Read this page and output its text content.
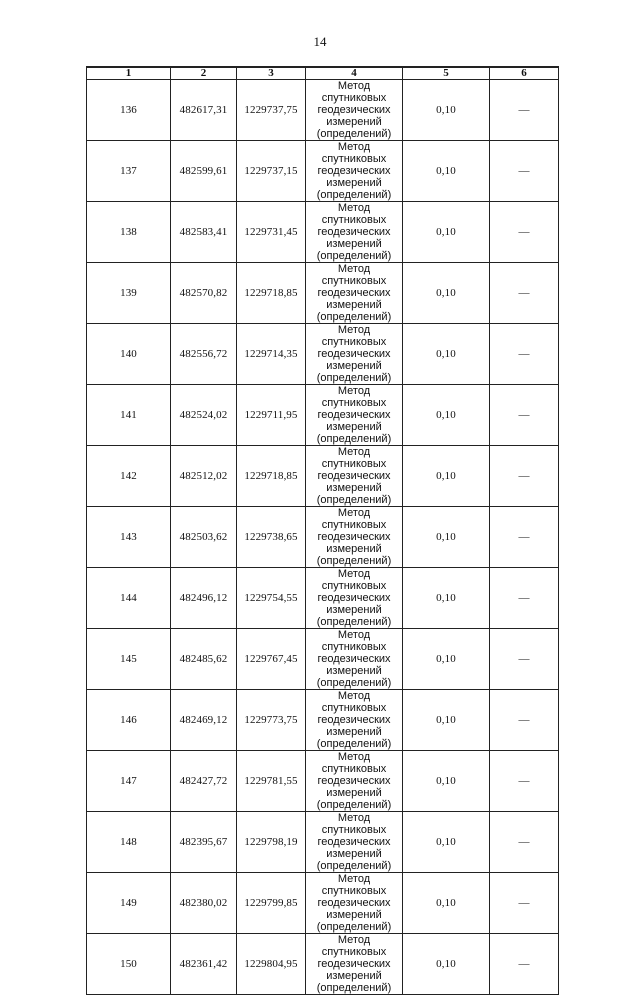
14
1	2	3	4	5	6
136	482617,31	1229737,75	Метод спутниковых
геодезических
измерений
(определений)	0,10	—
137	482599,61	1229737,15	Метод спутниковых
геодезических
измерений
(определений)	0,10	—
138	482583,41	1229731,45	Метод спутниковых
геодезических
измерений
(определений)	0,10	—
139	482570,82	1229718,85	Метод спутниковых
геодезических
измерений
(определений)	0,10	—
140	482556,72	1229714,35	Метод спутниковых
геодезических
измерений
(определений)	0,10	—
141	482524,02	1229711,95	Метод спутниковых
геодезических
измерений
(определений)	0,10	—
142	482512,02	1229718,85	Метод спутниковых
геодезических
измерений
(определений)	0,10	—
143	482503,62	1229738,65	Метод спутниковых
геодезических
измерений
(определений)	0,10	—
144	482496,12	1229754,55	Метод спутниковых
геодезических
измерений
(определений)	0,10	—
145	482485,62	1229767,45	Метод спутниковых
геодезических
измерений
(определений)	0,10	—
146	482469,12	1229773,75	Метод спутниковых
геодезических
измерений
(определений)	0,10	—
147	482427,72	1229781,55	Метод спутниковых
геодезических
измерений
(определений)	0,10	—
148	482395,67	1229798,19	Метод спутниковых
геодезических
измерений
(определений)	0,10	—
149	482380,02	1229799,85	Метод спутниковых
геодезических
измерений
(определений)	0,10	—
150	482361,42	1229804,95	Метод спутниковых
геодезических
измерений
(определений)	0,10	—
